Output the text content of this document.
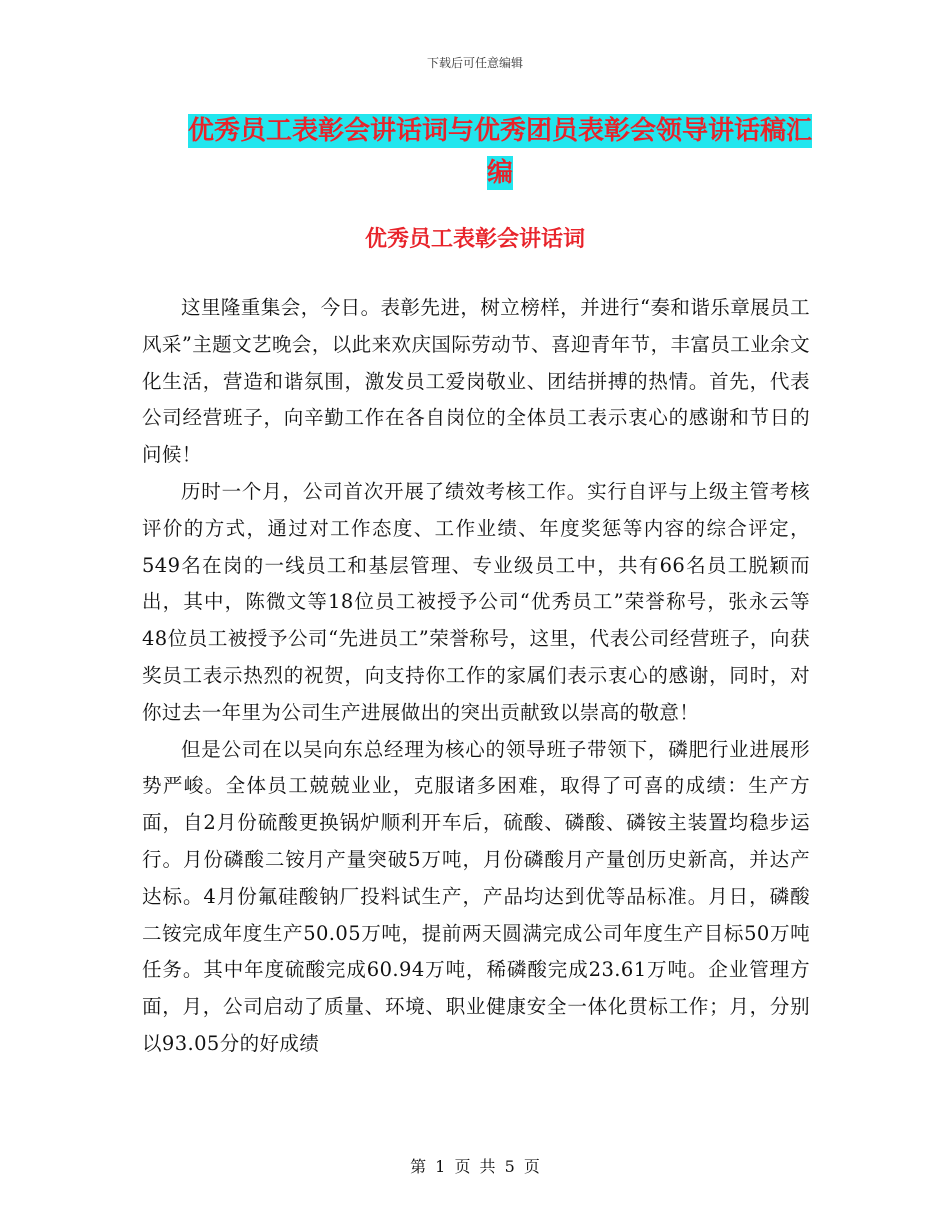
下载后可任意编辑
优秀员工表彰会讲话词与优秀团员表彰会领导讲话稿汇编
优秀员工表彰会讲话词

这里隆重集会，今日。表彰先进，树立榜样，并进行“奏和谐乐章展员工风采”主题文艺晚会，以此来欢庆国际劳动节、喜迎青年节，丰富员工业余文化生活，营造和谐氛围，激发员工爱岗敬业、团结拼搏的热情。首先，代表公司经营班子，向辛勤工作在各自岗位的全体员工表示衷心的感谢和节日的问候！

历时一个月，公司首次开展了绩效考核工作。实行自评与上级主管考核评价的方式，通过对工作态度、工作业绩、年度奖惩等内容的综合评定，549名在岗的一线员工和基层管理、专业级员工中，共有66名员工脱颖而出，其中，陈微文等18位员工被授予公司“优秀员工”荣誉称号，张永云等48位员工被授予公司“先进员工”荣誉称号，这里，代表公司经营班子，向获奖员工表示热烈的祝贺，向支持你工作的家属们表示衷心的感谢，同时，对你过去一年里为公司生产进展做出的突出贡献致以崇高的敬意！

但是公司在以吴向东总经理为核心的领导班子带领下，磷肥行业进展形势严峻。全体员工兢兢业业，克服诸多困难，取得了可喜的成绩：生产方面，自2月份硫酸更换锅炉顺利开车后，硫酸、磷酸、磷铵主装置均稳步运行。月份磷酸二铵月产量突破5万吨，月份磷酸月产量创历史新高，并达产达标。4月份氟硅酸钠厂投料试生产，产品均达到优等品标准。月日，磷酸二铵完成年度生产50.05万吨，提前两天圆满完成公司年度生产目标50万吨任务。其中年度硫酸完成60.94万吨，稀磷酸完成23.61万吨。企业管理方面，月，公司启动了质量、环境、职业健康安全一体化贯标工作；月，分别以93.05分的好成绩

第 1 页 共 5 页
